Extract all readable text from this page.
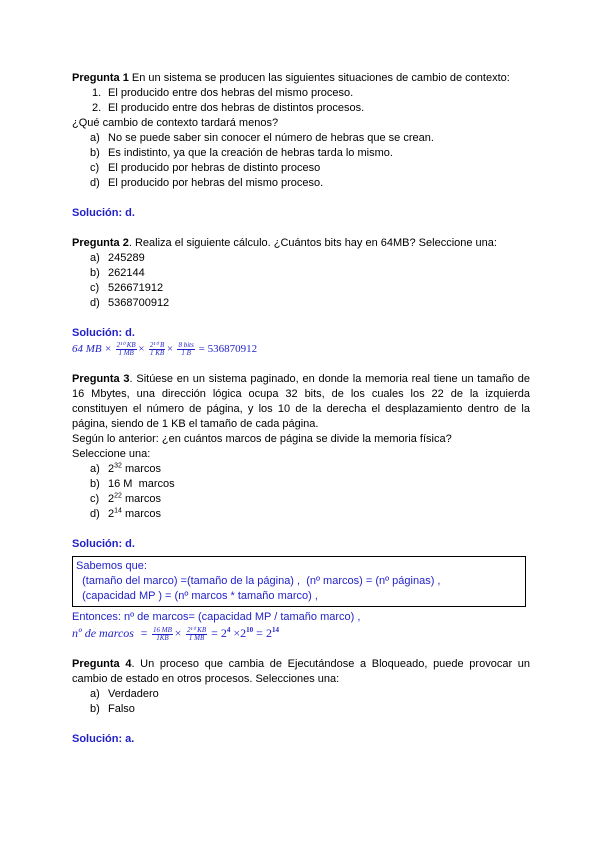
Pregunta 1 En un sistema se producen las siguientes situaciones de cambio de contexto:
1. El producido entre dos hebras del mismo proceso.
2. El producido entre dos hebras de distintos procesos.
¿Qué cambio de contexto tardará menos?
a) No se puede saber sin conocer el número de hebras que se crean.
b) Es indistinto, ya que la creación de hebras tarda lo mismo.
c) El producido por hebras de distinto proceso
d) El producido por hebras del mismo proceso.
Solución: d.
Pregunta 2. Realiza el siguiente cálculo. ¿Cuántos bits hay en 64MB? Seleccione una:
a) 245289
b) 262144
c) 526671912
d) 5368700912
Solución: d.
64 MB × $\frac{\text{2¹⁰ KB}}{1 MB} \times \frac{\text{2¹⁰ B}}{1 KB} \times \frac{\text{8 bits}}{1 B} = 536870912$
Pregunta 3. Sitúese en un sistema paginado, en donde la memoria real tiene un tamaño de
16 Mbytes, una dirección lógica ocupa 32 bits, de los cuales los 22 de la izquierda
constituyen el número de página, y los 10 de la derecha el desplazamiento dentro de la
página, siendo de 1 KB el tamaño de cada página.
Según lo anterior: ¿en cuántos marcos de página se divide la memoria física?
Seleccione una:
a) $2^{32}$ marcos
b) 16 M  marcos
c) $2^{22}$ marcos
d) $2^{14}$ marcos
Solución: d.
Sabemos que:
(tamaño del marco) =(tamaño de la página) ,  (nº marcos) = (nº páginas) ,
(capacidad MP ) = (nº marcos * tamaño marco) ,
Entonces: nº de marcos= (capacidad MP / tamaño marco) ,
nº de $marcos = \frac{16 MB}{1KB} \times \frac{\text{2¹⁰ KB}}{1 MB} = 2^4 \times 2^{10} = 2^{14}$
Pregunta 4. Un proceso que cambia de Ejecutándose a Bloqueado, puede provocar un
cambio de estado en otros procesos. Selecciones una:
a) Verdadero
b) Falso
Solución: a.
